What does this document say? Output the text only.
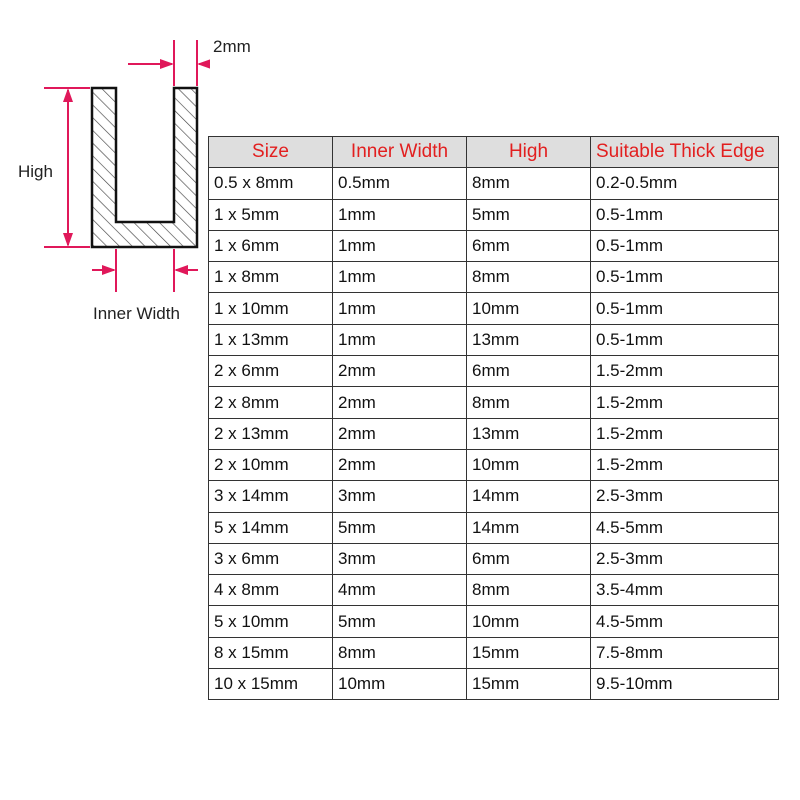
2mm
High
Inner Width
Size	Inner Width	High	Suitable Thick Edge
0.5 x 8mm	0.5mm	8mm	0.2-0.5mm
1 x 5mm	1mm	5mm	0.5-1mm
1 x 6mm	1mm	6mm	0.5-1mm
1 x 8mm	1mm	8mm	0.5-1mm
1 x 10mm	1mm	10mm	0.5-1mm
1 x 13mm	1mm	13mm	0.5-1mm
2 x 6mm	2mm	6mm	1.5-2mm
2 x 8mm	2mm	8mm	1.5-2mm
2 x 13mm	2mm	13mm	1.5-2mm
2 x 10mm	2mm	10mm	1.5-2mm
3 x 14mm	3mm	14mm	2.5-3mm
5 x 14mm	5mm	14mm	4.5-5mm
3 x 6mm	3mm	6mm	2.5-3mm
4 x 8mm	4mm	8mm	3.5-4mm
5 x 10mm	5mm	10mm	4.5-5mm
8 x 15mm	8mm	15mm	7.5-8mm
10 x 15mm	10mm	15mm	9.5-10mm
